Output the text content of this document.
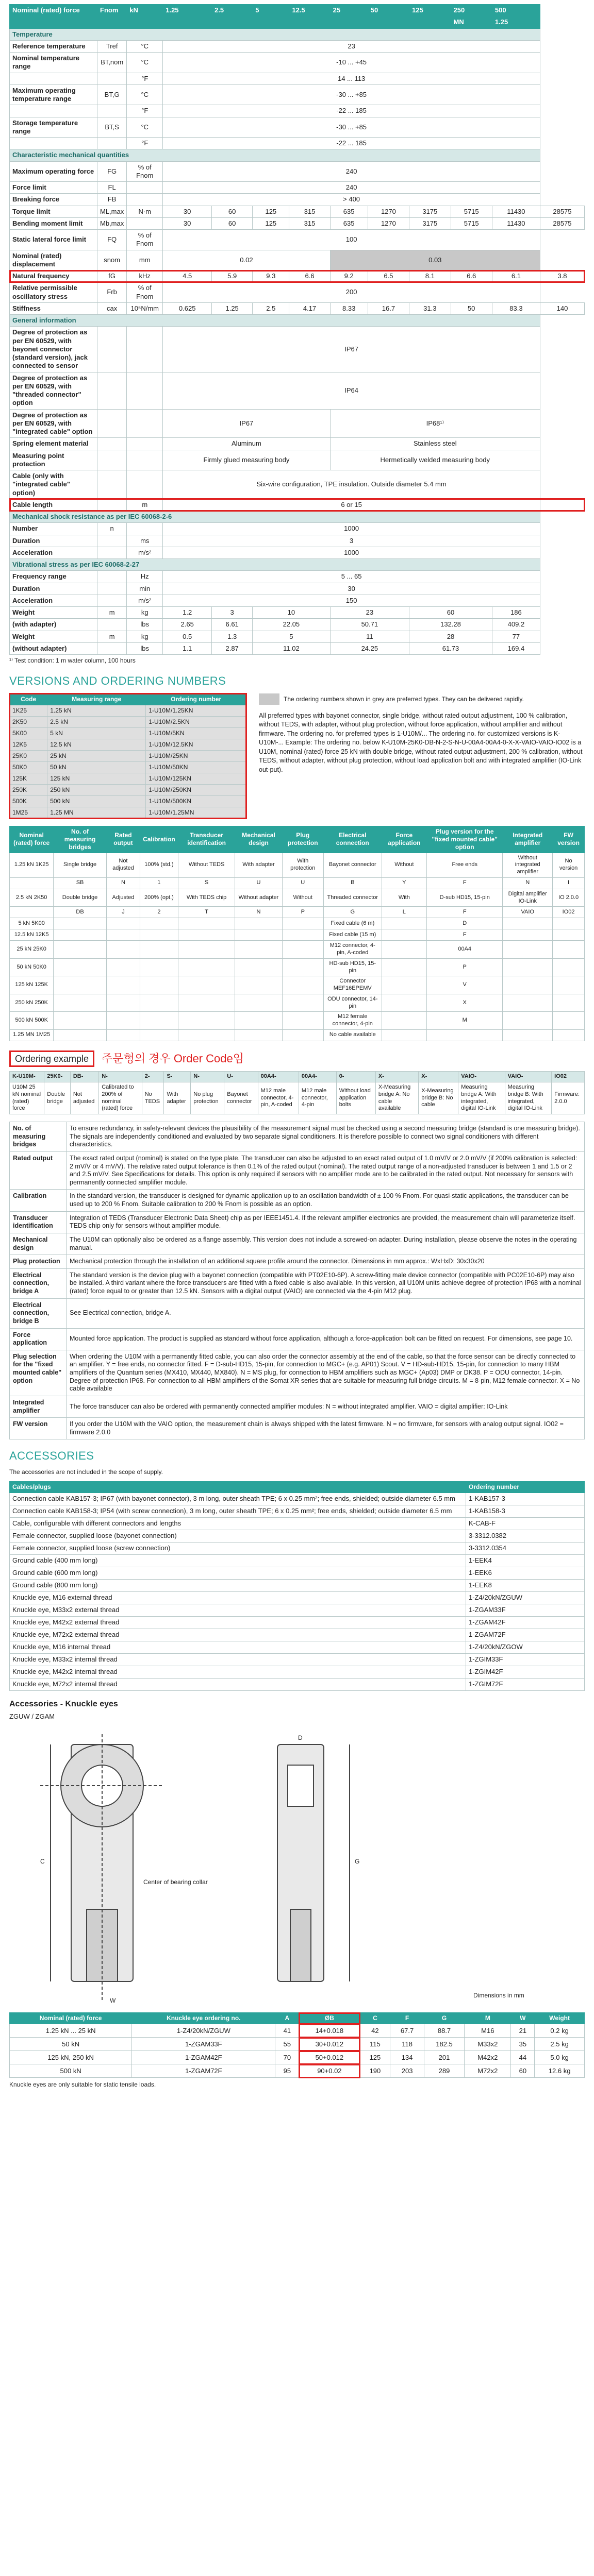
Nominal (rated) force	Fnom	kN	1.25	2.5	5	12.5	25	50	125	250	500	
										MN	1.25	
Temperature												
Reference temperature	Tref	°C	23									
Nominal temperature range	BT,nom	°C	-10 ... +45									
		°F	14 ... 113									
Maximum operating temperature range	BT,G	°C	-30 ... +85									
		°F	-22 ... 185									
Storage temperature range	BT,S	°C	-30 ... +85									
		°F	-22 ... 185									
Characteristic mechanical quantities												
Maximum operating force	FG	% of Fnom	240									
Force limit	FL		240									
Breaking force	FB		> 400									
Torque limit	ML,max	N·m	30	60	125	315	635	1270	3175	5715	11430	28575
Bending moment limit	Mb,max		30	60	125	315	635	1270	3175	5715	11430	28575
Static lateral force limit	FQ	% of Fnom	100									
Nominal (rated) displacement	snom	mm	0.02				0.03					
Natural frequency	fG	kHz	4.5	5.9	9.3	6.6	9.2	6.5	8.1	6.6	6.1	3.8
Relative permissible oscillatory stress	Frb	% of Fnom	200									
Stiffness	cax	10⁵N/mm	0.625	1.25	2.5	4.17	8.33	16.7	31.3	50	83.3	140
General information												
Degree of protection as per EN 60529, with bayonet connector (standard version), jack connected to sensor			IP67									
Degree of protection as per EN 60529, with "threaded connector" option			IP64									
Degree of protection as per EN 60529, with "integrated cable" option			IP67				IP68¹⁾					
Spring element material			Aluminum				Stainless steel					
Measuring point protection			Firmly glued measuring body				Hermetically welded measuring body					
Cable (only with "integrated cable" option)			Six-wire configuration, TPE insulation. Outside diameter 5.4 mm									
Cable length		m	6 or 15									
Mechanical shock resistance as per IEC 60068-2-6												
Number	n		1000									
Duration		ms	3									
Acceleration		m/s²	1000									
Vibrational stress as per IEC 60068-2-27												
Frequency range		Hz	5 ... 65									
Duration		min	30									
Acceleration		m/s²	150									
Weight	m	kg	1.2	3	10		23		60		186	
(with adapter)		lbs	2.65	6.61	22.05		50.71		132.28		409.2	
Weight	m	kg	0.5	1.3	5		11		28		77	
(without adapter)		lbs	1.1	2.87	11.02		24.25		61.73		169.4	
¹⁾ Test condition: 1 m water column, 100 hours
VERSIONS AND ORDERING NUMBERS
Code	Measuring range	Ordering number
1K25	1.25 kN	1-U10M/1.25KN
2K50	2.5 kN	1-U10M/2.5KN
5K00	5 kN	1-U10M/5KN
12K5	12.5 kN	1-U10M/12.5KN
25K0	25 kN	1-U10M/25KN
50K0	50 kN	1-U10M/50KN
125K	125 kN	1-U10M/125KN
250K	250 kN	1-U10M/250KN
500K	500 kN	1-U10M/500KN
1M25	1.25 MN	1-U10M/1.25MN
The ordering numbers shown in grey are preferred types. They can be delivered rapidly.
All preferred types with bayonet connector, single bridge, without rated output adjustment, 100 % calibration, without TEDS, with adapter, without plug protection, without force application, without amplifier and without firmware. The ordering no. for preferred types is 1-U10M/... The ordering no. for customized versions is K-U10M-... Example: The ordering no. below K-U10M-25K0-DB-N-2-S-N-U-00A4-00A4-0-X-X-VAIO-VAIO-IO02 is a U10M, nominal (rated) force 25 kN with double bridge, without rated output adjustment, 200 % calibration, without TEDS, without adapter, without plug protection, without load application bolt and with integrated amplifier (IO-Link out-put).
Nominal (rated) force	No. of measuring bridges	Rated output	Calibration	Transducer identification	Mechanical design	Plug protection	Electrical connection	Force application	Plug version for the "fixed mounted cable" option	Integrated amplifier	FW version
1.25 kN 1K25	Single bridge	Not adjusted	100% (std.)	Without TEDS	With adapter	With protection	Bayonet connector	Without	Free ends	Without integrated amplifier	No version
	SB	N	1	S	U	U	B	Y	F	N	I
2.5 kN 2K50	Double bridge	Adjusted	200% (opt.)	With TEDS chip	Without adapter	Without	Threaded connector	With	D-sub HD15, 15-pin	Digital amplifier IO-Link	IO 2.0.0
	DB	J	2	T	N	P	G	L	F	VAIO	IO02
5 kN 5K00							Fixed cable (6 m)		D		
12.5 kN 12K5							Fixed cable (15 m)		F		
25 kN 25K0							M12 connector, 4-pin, A-coded		00A4		
50 kN 50K0							HD-sub HD15, 15-pin		P		
125 kN 125K							Connector MEF16EPEMV		V		
250 kN 250K							ODU connector, 14-pin		X		
500 kN 500K							M12 female connector, 4-pin		M		
1.25 MN 1M25							No cable available				
Ordering example	주문형의 경우 Order Code임
K-U10M-	25K0-	DB-	N-	2-	S-	N-	U-	00A4-	00A4-	0-	X-	X-	VAIO-	VAIO-	IO02
U10M 25 kN nominal (rated) force	Double bridge	Not adjusted	Calibrated to 200% of nominal (rated) force	No TEDS	With adapter	No plug protection	Bayonet connector	M12 male connector, 4-pin, A-coded	M12 male connector, 4-pin	Without load application bolts	X-Measuring bridge A: No cable available	X-Measuring bridge B: No cable	Measuring bridge A: With integrated, digital IO-Link	Measuring bridge B: With integrated, digital IO-Link	Firmware: 2.0.0
No. of measuring bridges	To ensure redundancy, in safety-relevant devices the plausibility of the measurement signal must be checked using a second measuring bridge (standard is one measuring bridge). The signals are independently conditioned and evaluated by two separate signal conditioners. It is therefore possible to connect two signal conditioners with different characteristics.
Rated output	The exact rated output (nominal) is stated on the type plate. The transducer can also be adjusted to an exact rated output of 1.0 mV/V or 2.0 mV/V (if 200% calibration is selected: 2 mV/V or 4 mV/V). The relative rated output tolerance is then 0.1% of the rated output (nominal). The rated output range of a non-adjusted transducer is between 1 and 1.5 or 2 and 2.5 mV/V. See Specifications for details. This option is only required if sensors with no amplifier mode are to be calibrated in the rated output. Not necessary for sensors with permanently connected amplifier module.
Calibration	In the standard version, the transducer is designed for dynamic application up to an oscillation bandwidth of ± 100 % Fnom. For quasi-static applications, the transducer can be used up to 200 % Fnom. Suitable calibration to 200 % Fnom is possible as an option.
Transducer identification	Integration of TEDS (Transducer Electronic Data Sheet) chip as per IEEE1451.4. If the relevant amplifier electronics are provided, the measurement chain will parameterize itself. TEDS chip only for sensors without amplifier module.
Mechanical design	The U10M can optionally also be ordered as a flange assembly. This version does not include a screwed-on adapter. During installation, please observe the notes in the operating manual.
Plug protection	Mechanical protection through the installation of an additional square profile around the connector. Dimensions in mm approx.: WxHxD: 30x30x20
Electrical connection, bridge A	The standard version is the device plug with a bayonet connection (compatible with PT02E10-6P). A screw-fitting male device connector (compatible with PC02E10-6P) may also be installed. A third variant where the force transducers are fitted with a fixed cable is also available. In this version, all U10M units achieve degree of protection IP68 with a nominal (rated) force equal to or greater than 12.5 kN. Sensors with a digital output (VAIO) are connected via the 4-pin M12 plug.
Electrical connection, bridge B	See Electrical connection, bridge A.
Force application	Mounted force application. The product is supplied as standard without force application, although a force-application bolt can be fitted on request. For dimensions, see page 10.
Plug selection for the "fixed mounted cable" option	When ordering the U10M with a permanently fitted cable, you can also order the connector assembly at the end of the cable, so that the force sensor can be directly connected to an amplifier. Y = free ends, no connector fitted. F = D-sub-HD15, 15-pin, for connection to MGC+ (e.g. AP01) Scout. V = HD-sub-HD15, 15-pin, for connection to many HBM amplifiers of the Quantum series (MX410, MX440, MX840). N = MS plug, for connection to HBM amplifiers such as MGC+ (Ap03) DMP or DK38. P = ODU connector, 14-pin. Degree of protection IP68. For connection to all HBM amplifiers of the Somat XR series that are suitable for measuring full bridge circuits. M = 8-pin, M12 female connector. X = No cable available
Integrated amplifier	The force transducer can also be ordered with permanently connected amplifier modules: N = without integrated amplifier. VAIO = digital amplifier: IO-Link
FW version	If you order the U10M with the VAIO option, the measurement chain is always shipped with the latest firmware. N = no firmware, for sensors with analog output signal. IO02 = firmware 2.0.0
ACCESSORIES
The accessories are not included in the scope of supply.
Cables/plugs	Ordering number
Connection cable KAB157-3; IP67 (with bayonet connector), 3 m long, outer sheath TPE; 6 x 0.25 mm²; free ends, shielded; outside diameter 6.5 mm	1-KAB157-3
Connection cable KAB158-3; IP54 (with screw connection), 3 m long, outer sheath TPE; 6 x 0.25 mm²; free ends, shielded; outside diameter 6.5 mm	1-KAB158-3
Cable, configurable with different connectors and lengths	K-CAB-F
Female connector, supplied loose (bayonet connection)	3-3312.0382
Female connector, supplied loose (screw connection)	3-3312.0354
Ground cable (400 mm long)	1-EEK4
Ground cable (600 mm long)	1-EEK6
Ground cable (800 mm long)	1-EEK8
Knuckle eye, M16 external thread	1-Z4/20kN/ZGUW
Knuckle eye, M33x2 external thread	1-ZGAM33F
Knuckle eye, M42x2 external thread	1-ZGAM42F
Knuckle eye, M72x2 external thread	1-ZGAM72F
Knuckle eye, M16 internal thread	1-Z4/20kN/ZGOW
Knuckle eye, M33x2 internal thread	1-ZGIM33F
Knuckle eye, M42x2 internal thread	1-ZGIM42F
Knuckle eye, M72x2 internal thread	1-ZGIM72F
Accessories - Knuckle eyes
ZGUW / ZGAM
Center of bearing collar
Dimensions in mm
C	G
W
D
Nominal (rated) force	Knuckle eye ordering no.	A	ØB	C	F	G	M	W	Weight
1.25 kN ... 25 kN	1-Z4/20kN/ZGUW	41	14+0.018	42	67.7	88.7	M16	21	0.2 kg
50 kN	1-ZGAM33F	55	30+0.012	115	118	182.5	M33x2	35	2.5 kg
125 kN, 250 kN	1-ZGAM42F	70	50+0.012	125	134	201	M42x2	44	5.0 kg
500 kN	1-ZGAM72F	95	90+0.02	190	203	289	M72x2	60	12.6 kg
Knuckle eyes are only suitable for static tensile loads.
